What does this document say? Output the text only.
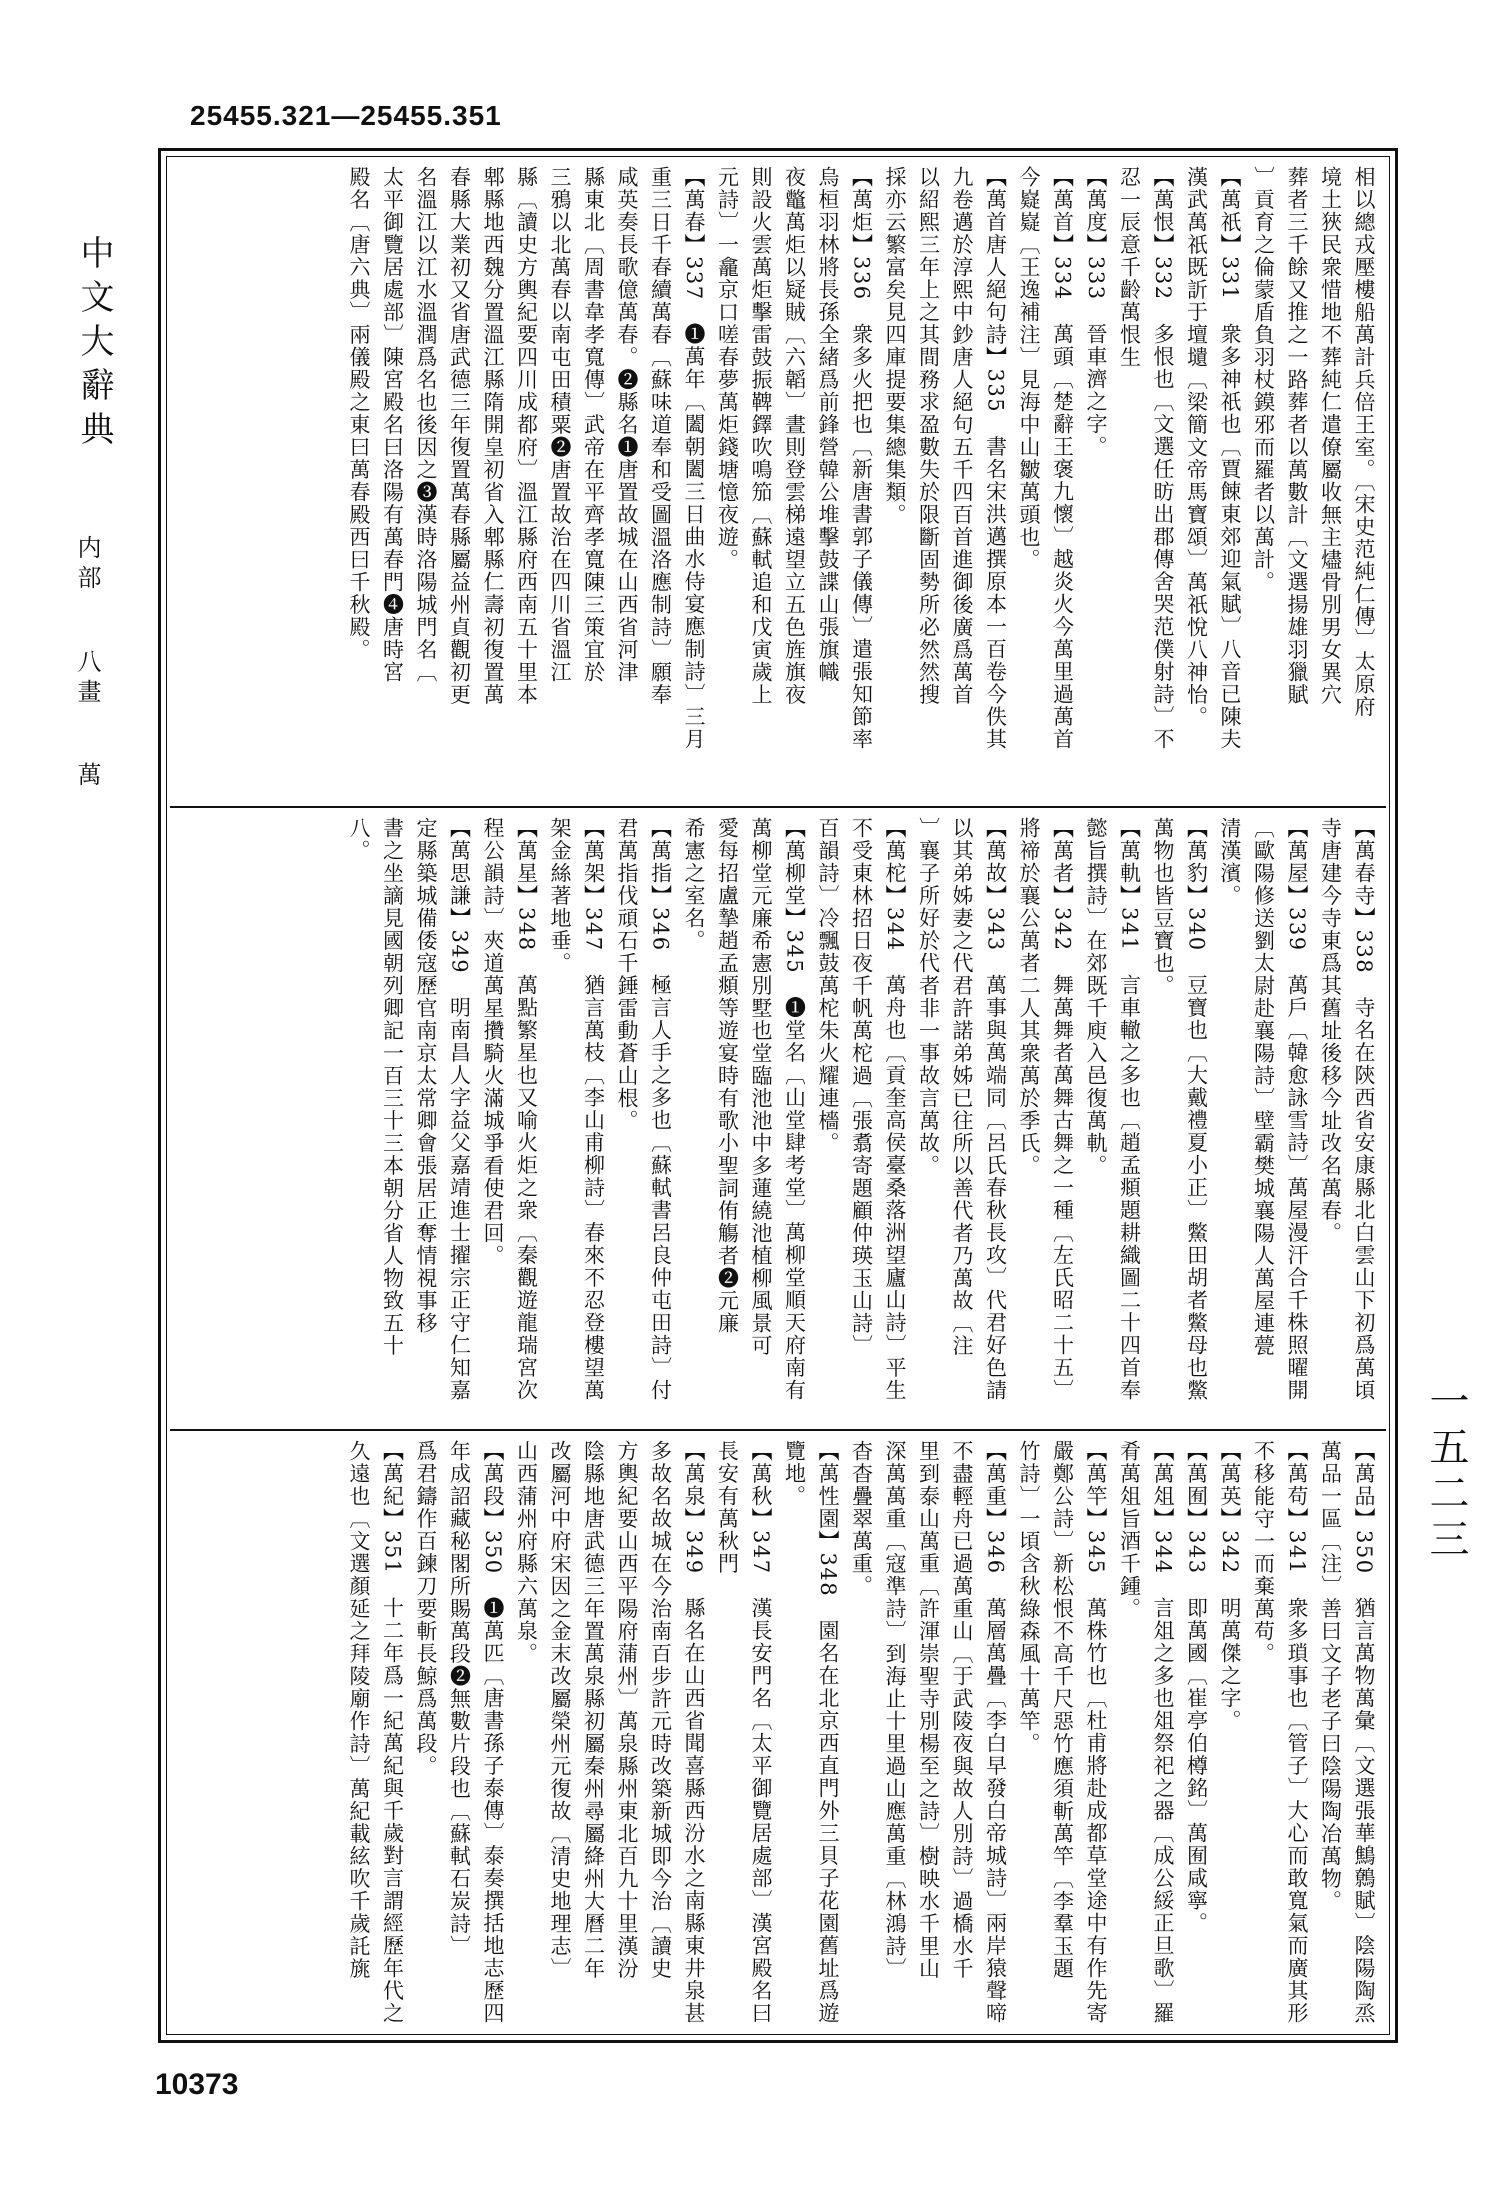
25455.321—25455.351
中文大辭典
内部 八畫 萬
一五二三
相以總戎壓樓船萬計兵倍王室。〔宋史范純仁傳〕太原府
境土狹民衆惜地不葬純仁遣僚屬收無主燼骨別男女異穴
葬者三千餘又推之一路葬者以萬數計〔文選揚雄羽獵賦
〕貢育之倫蒙盾負羽杖鏌邪而羅者以萬計。
【萬祇】331　衆多神祇也〔賈餗東郊迎氣賦〕八音已陳夫
漢武萬祇既訢于壇壝〔梁簡文帝馬寶頌〕萬祇悅八神怡。
【萬恨】332　多恨也〔文選任昉出郡傳舍哭范僕射詩〕不
忍一辰意千齡萬恨生
【萬度】333　晉車濟之字。
【萬首】334　萬頭〔楚辭王褒九懷〕越炎火今萬里過萬首
今嶷嶷〔王逸補注〕見海中山皺萬頭也。
【萬首唐人絕句詩】335　書名宋洪邁撰原本一百卷今佚其
九卷邁於淳熙中鈔唐人絕句五千四百首進御後廣爲萬首
以紹熙三年上之其間務求盈數失於限斷固勢所必然然搜
採亦云繁富矣見四庫提要集總集類。
【萬炬】336　衆多火把也〔新唐書郭子儀傳〕遣張知節率
烏桓羽林將長孫全緒爲前鋒營韓公堆擊鼓諜山張旗幟
夜鼈萬炬以疑賊〔六韜〕晝則登雲梯遠望立五色旌旗夜
則設火雲萬炬擊雷鼓振鞞鐸吹鳴笳〔蘇軾追和戊寅歲上
元詩〕一龕京口嗟春夢萬炬錢塘憶夜遊。
【萬春】337　❶萬年〔闔朝闔三日曲水侍宴應制詩〕三月
重三日千春續萬春〔蘇味道奉和受圖溫洛應制詩〕願奉
咸英奏長歌億萬春。❷縣名❶唐置故城在山西省河津
縣東北〔周書韋孝寬傳〕武帝在平齊孝寬陳三策宜於
三鴉以北萬春以南屯田積粟❷唐置故治在四川省溫江
縣〔讀史方輿紀要四川成都府〕溫江縣府西南五十里本
郫縣地西魏分置溫江縣隋開皇初省入郫縣仁壽初復置萬
春縣大業初又省唐武德三年復置萬春縣屬益州貞觀初更
名溫江以江水溫潤爲名也後因之❸漢時洛陽城門名〔
太平御覽居處部〕陳宮殿名曰洛陽有萬春門❹唐時宮
殿名〔唐六典〕兩儀殿之東曰萬春殿西曰千秋殿。
【萬春寺】338　寺名在陝西省安康縣北白雲山下初爲萬頃
寺唐建今寺東爲其舊址後移今址改名萬春。
【萬屋】339　萬戶〔韓愈詠雪詩〕萬屋漫汗合千株照曜開
〔歐陽修送劉太尉赴襄陽詩〕壁霸樊城襄陽人萬屋連甍
清漢濱。
【萬豹】340　豆寶也〔大戴禮夏小正〕鱉田胡者鱉母也鱉
萬物也皆豆寶也。
【萬軌】341　言車轍之多也〔趙孟頫題耕織圖二十四首奉
懿旨撰詩〕在郊既千庾入邑復萬軌。
【萬者】342　舞萬舞者萬舞古舞之一種〔左氏昭二十五〕
將禘於襄公萬者二人其衆萬於季氏。
【萬故】343　萬事與萬端同〔呂氏春秋長攻〕代君好色請
以其弟姊妻之代君許諾弟姊已往所以善代者乃萬故〔注
〕襄子所好於代者非一事故言萬故。
【萬柁】344　萬舟也〔貢奎高侯臺桑落洲望廬山詩〕平生
不受東林招日夜千帆萬柁過〔張翥寄題顧仲瑛玉山詩〕
百韻詩〕冷飄鼓萬柁朱火耀連檣。
【萬柳堂】345　❶堂名〔山堂肆考堂〕萬柳堂順天府南有
萬柳堂元廉希憲別墅也堂臨池池中多蓮繞池植柳風景可
愛每招盧摯趙孟頫等遊宴時有歌小聖詞侑觴者❷元廉
希憲之室名。
【萬指】346　極言人手之多也〔蘇軾書呂良仲屯田詩〕付
君萬指伐頑石千錘雷動蒼山根。
【萬架】347　猶言萬枝〔李山甫柳詩〕春來不忍登樓望萬
架金絲著地垂。
【萬星】348　萬點繁星也又喻火炬之衆〔秦觀遊龍瑞宮次
程公韻詩〕夾道萬星攢騎火滿城爭看使君回。
【萬思謙】349　明南昌人字益父嘉靖進士擢宗正守仁知嘉
定縣築城備倭寇歷官南京太常卿會張居正奪情視事移
書之坐謫見國朝列卿記一百三十三本朝分省人物致五十
八。
【萬品】350　猶言萬物萬彙〔文選張華鷦鷯賦〕陰陽陶烝
萬品一區〔注〕善曰文子老子曰陰陽陶冶萬物。
【萬苟】341　衆多瑣事也〔管子〕大心而敢寬氣而廣其形
不移能守一而棄萬苟。
【萬英】342　明萬傑之字。
【萬囿】343　即萬國〔崔亭伯樽銘〕萬囿咸寧。
【萬俎】344　言俎之多也俎祭祀之器〔成公綏正旦歌〕羅
肴萬俎旨酒千鍾。
【萬竿】345　萬株竹也〔杜甫將赴成都草堂途中有作先寄
嚴鄭公詩〕新松恨不高千尺惡竹應須斬萬竿〔李羣玉題
竹詩〕一頃含秋綠森風十萬竿。
【萬重】346　萬層萬疊〔李白早發白帝城詩〕兩岸猿聲啼
不盡輕舟已過萬重山〔于武陵夜與故人別詩〕過橋水千
里到泰山萬重〔許渾崇聖寺別楊至之詩〕樹映水千里山
深萬萬重〔寇準詩〕到海止十里過山應萬重〔林鴻詩〕
杳杳疊翠萬重。
【萬性園】348　園名在北京西直門外三貝子花園舊址爲遊
覽地。
【萬秋】347　漢長安門名〔太平御覽居處部〕漢宮殿名曰
長安有萬秋門
【萬泉】349　縣名在山西省聞喜縣西汾水之南縣東井泉甚
多故名故城在今治南百步許元時改築新城即今治〔讀史
方輿紀要山西平陽府蒲州〕萬泉縣州東北百九十里漢汾
陰縣地唐武德三年置萬泉縣初屬秦州尋屬絳州大曆二年
改屬河中府宋因之金末改屬榮州元復故〔清史地理志〕
山西蒲州府縣六萬泉。
【萬段】350　❶萬匹〔唐書孫子泰傳〕泰奏撰括地志歷四
年成詔藏秘閣所賜萬段❷無數片段也〔蘇軾石炭詩〕
爲君鑄作百鍊刀要斬長鯨爲萬段。
【萬紀】351　十二年爲一紀萬紀與千歲對言謂經歷年代之
久遠也〔文選顏延之拜陵廟作詩〕萬紀載絃吹千歲託旐
10373
